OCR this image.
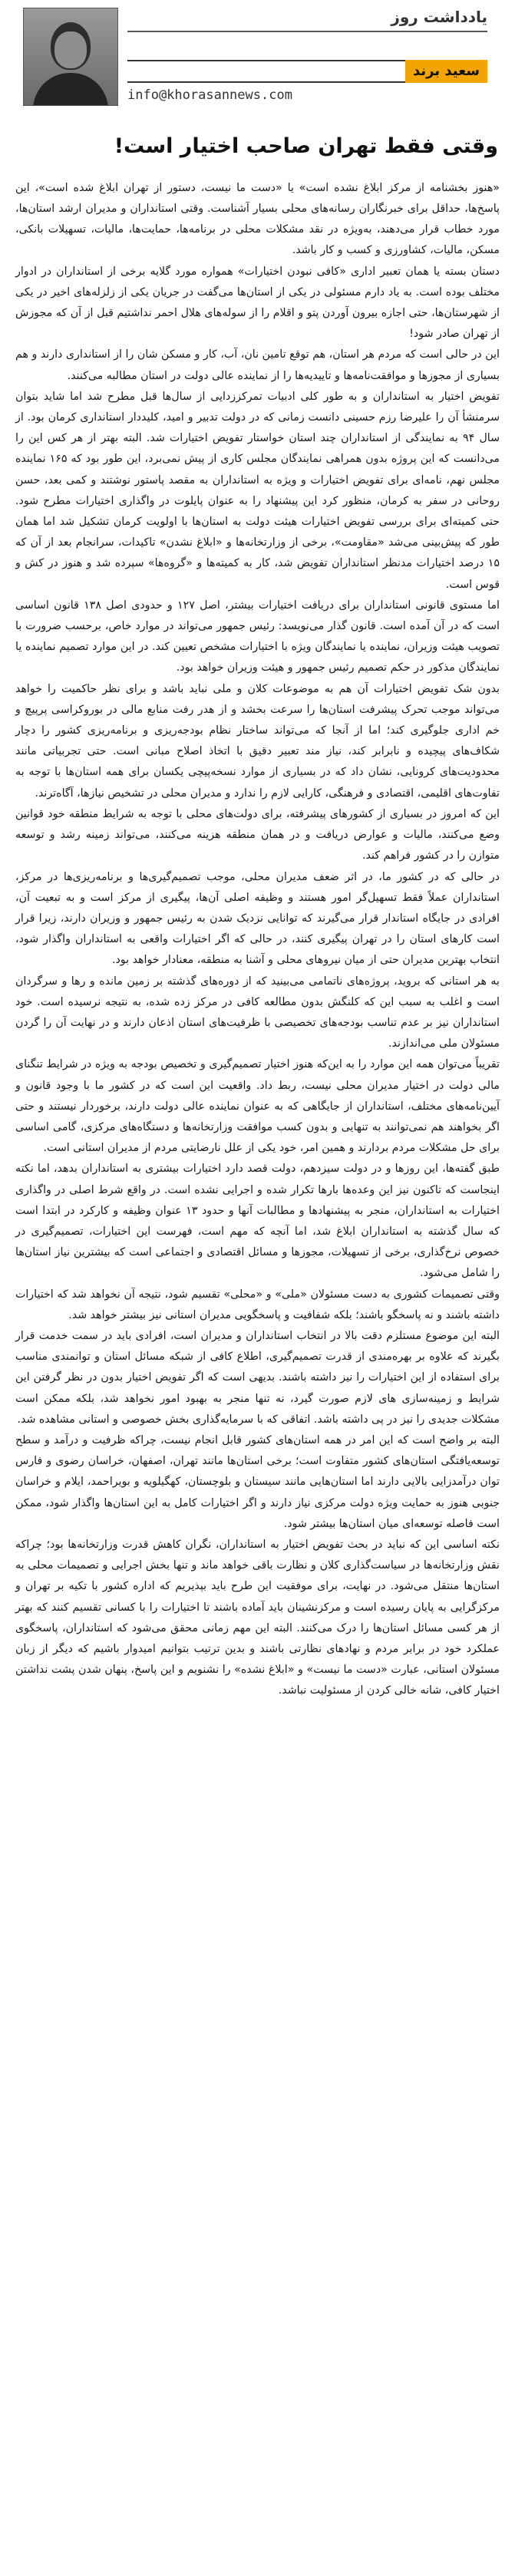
یادداشت روز
سعید برند
info@khorasannews.com
وقتی فقط تهران صاحب اختیار است!

«هنوز بخشنامه از مرکز ابلاغ نشده است» یا «دست ما نیست، دستور از تهران ابلاغ شده است»، این پاسخ‌ها، حداقل برای خبرنگاران رسانه‌های محلی بسیار آشناست. وقتی استانداران و مدیران ارشد استان‌ها، مورد خطاب قرار می‌دهند، به‌ویژه در نقد مشکلات محلی در برنامه‌ها، حمایت‌ها، مالیات، تسهیلات بانکی، مسکن، مالیات، کشاورزی و کسب و کار باشد.

دستان بسته یا همان تعبیر اداری «کافی نبودن اختیارات» همواره مورد گلایه برخی از استانداران در ادوار مختلف بوده است. به یاد دارم مسئولی در یکی از استان‌ها می‌گفت در جریان یکی از زلزله‌های اخیر در یکی از شهرستان‌ها، حتی اجازه بیرون آوردن پتو و اقلام را از سوله‌های هلال احمر نداشتیم قبل از آن که مجوزش از تهران صادر شود!

این در حالی است که مردم هر استان، هم توقع تامین نان، آب، کار و مسکن شان را از استانداری دارند و هم بسیاری از مجوزها و موافقت‌نامه‌ها و تاییدیه‌ها را از نماینده عالی دولت در استان مطالبه می‌کنند.

تفویض اختیار به استانداران و به طور کلی ادبیات تمرکززدایی از سال‌ها قبل مطرح شد اما شاید بتوان سرمنشأ آن را علیرضا رزم حسینی دانست زمانی که در دولت تدبیر و امید، کلیددار استانداری کرمان بود. از سال ۹۴ به نمایندگی از استانداران چند استان خواستار تفویض اختیارات شد. البته بهتر از هر کس این را می‌دانست که این پروژه بدون همراهی نمایندگان مجلس کاری از پیش نمی‌برد، این طور بود که ۱۶۵ نماینده مجلس نهم، نامه‌ای برای تفویض اختیارات و ویژه به استانداران به مقصد پاستور نوشتند و کمی بعد، حسن روحانی در سفر به کرمان، منظور کرد این پیشنهاد را به عنوان پایلوت در واگذاری اختیارات مطرح شود. حتی کمیته‌ای برای بررسی تفویض اختیارات هیئت دولت به استان‌ها با اولویت کرمان تشکیل شد اما همان طور که پیش‌بینی می‌شد «مقاومت»، برخی از وزارتخانه‌ها و «ابلاغ نشدن» تاکیدات، سرانجام بعد از آن که ۱۵ درصد اختیارات مدنظر استانداران تفویض شد، کار به کمیته‌ها و «گروه‌ها» سپرده شد و هنوز در کش و قوس است.

اما مستوی قانونی استانداران برای دریافت اختیارات بیشتر، اصل ۱۲۷ و حدودی اصل ۱۳۸ قانون اساسی است که در آن آمده است. قانون گذار می‌نویسد: رئیس جمهور می‌تواند در موارد خاص، برحسب ضرورت با تصویب هیئت وزیران، نماینده یا نمایندگان ویژه با اختیارات مشخص تعیین کند. در این موارد تصمیم نماینده یا نمایندگان مذکور در حکم تصمیم رئیس جمهور و هیئت وزیران خواهد بود.

بدون شک تفویض اختیارات آن هم به موضوعات کلان و ملی نباید باشد و برای نظر حاکمیت را خواهد می‌تواند موجب تحرک پیشرفت استان‌ها را سرعت بخشد و از هدر رفت منابع مالی در بوروکراسی پرپیچ و خم اداری جلوگیری کند؛ اما از آنجا که می‌تواند ساختار نظام بودجه‌ریزی و برنامه‌ریزی کشور را دچار شکاف‌های پیچیده و نابرابر کند، نیاز مند تعبیر دقیق با اتخاذ اصلاح مبانی است. حتی تجربیاتی مانند محدودیت‌های کرونایی، نشان داد که در بسیاری از موارد نسخه‌پیچی یکسان برای همه استان‌ها با توجه به تفاوت‌های اقلیمی، اقتصادی و فرهنگی، کارایی لازم را ندارد و مدیران محلی در تشخیص نیازها، آگاه‌ترند.

این که امروز در بسیاری از کشورهای پیشرفته، برای دولت‌های محلی با توجه به شرایط منطقه خود قوانین وضع می‌کنند، مالیات و عوارض دریافت و در همان منطقه هزینه می‌کنند، می‌تواند زمینه رشد و توسعه متوازن را در کشور فراهم کند.

در حالی که در کشور ما، در اثر ضعف مدیران محلی، موجب تصمیم‌گیری‌ها و برنامه‌ریزی‌ها در مرکز، استانداران عملاً فقط تسهیل‌گر امور هستند و وظیفه اصلی آن‌ها، پیگیری از مرکز است و به تبعیت آن، افرادی در جایگاه استاندار قرار می‌گیرند که توانایی نزدیک شدن به رئیس جمهور و وزیران دارند، زیرا قرار است کارهای استان را در تهران پیگیری کنند، در حالی که اگر اختیارات واقعی به استانداران واگذار شود، انتخاب بهترین مدیران حتی از میان نیروهای محلی و آشنا به منطقه، معنادار خواهد بود.

به هر استانی که بروید، پروژه‌های ناتمامی می‌بینید که از دوره‌های گذشته بر زمین مانده و رها و سرگردان است و اغلب به سبب این که کلنگش بدون مطالعه کافی در مرکز زده شده، به نتیجه نرسیده است. خود استانداران نیز بر عدم تناسب بودجه‌های تخصیصی با ظرفیت‌های استان اذعان دارند و در نهایت آن را گردن مسئولان ملی می‌اندازند.

تقریباً می‌توان همه این موارد را به این‌که هنوز اختیار تصمیم‌گیری و تخصیص بودجه به ویژه در شرایط تنگنای مالی دولت در اختیار مدیران محلی نیست، ربط داد. واقعیت این است که در کشور ما با وجود قانون و آیین‌نامه‌های مختلف، استانداران از جایگاهی که به عنوان نماینده عالی دولت دارند، برخوردار نیستند و حتی اگر بخواهند هم نمی‌توانند به تنهایی و بدون کسب موافقت وزارتخانه‌ها و دستگاه‌های مرکزی، گامی اساسی برای حل مشکلات مردم بردارند و همین امر، خود یکی از علل نارضایتی مردم از مدیران استانی است.

طبق گفته‌ها، این روزها و در دولت سیزدهم، دولت قصد دارد اختیارات بیشتری به استانداران بدهد، اما نکته اینجاست که تاکنون نیز این وعده‌ها بارها تکرار شده و اجرایی نشده است. در واقع شرط اصلی در واگذاری اختیارات به استانداران، منجر به پیشنهادها و مطالبات آنها و حدود ۱۳ عنوان وظیفه و کارکرد در ابتدا است که سال گذشته به استانداران ابلاغ شد، اما آنچه که مهم است، فهرست این اختیارات، تصمیم‌گیری در خصوص نرخ‌گذاری، برخی از تسهیلات، مجوزها و مسائل اقتصادی و اجتماعی است که بیشترین نیاز استان‌ها را شامل می‌شود.

وقتی تصمیمات کشوری به دست مسئولان «ملی» و «محلی» تقسیم شود، نتیجه آن نخواهد شد که اختیارات داشته باشند و نه پاسخگو باشند؛ بلکه شفافیت و پاسخگویی مدیران استانی نیز بیشتر خواهد شد.

البته این موضوع مستلزم دقت بالا در انتخاب استانداران و مدیران است، افرادی باید در سمت خدمت قرار بگیرند که علاوه بر بهره‌مندی از قدرت تصمیم‌گیری، اطلاع کافی از شبکه مسائل استان و توانمندی مناسب برای استفاده از این اختیارات را نیز داشته باشند. بدیهی است که اگر تفویض اختیار بدون در نظر گرفتن این شرایط و زمینه‌سازی های لازم صورت گیرد، نه تنها منجر به بهبود امور نخواهد شد، بلکه ممکن است مشکلات جدیدی را نیز در پی داشته باشد. اتفاقی که با سرمایه‌گذاری بخش خصوصی و استانی مشاهده شد.

البته بر واضح است که این امر در همه استان‌های کشور قابل انجام نیست، چراکه ظرفیت و درآمد و سطح توسعه‌یافتگی استان‌های کشور متفاوت است؛ برخی استان‌ها مانند تهران، اصفهان، خراسان رضوی و فارس توان درآمدزایی بالایی دارند اما استان‌هایی مانند سیستان و بلوچستان، کهگیلویه و بویراحمد، ایلام و خراسان جنوبی هنوز به حمایت ویژه دولت مرکزی نیاز دارند و اگر اختیارات کامل به این استان‌ها واگذار شود، ممکن است فاصله توسعه‌ای میان استان‌ها بیشتر شود.

نکته اساسی این که نباید در بحث تفویض اختیار به استانداران، نگران کاهش قدرت وزارتخانه‌ها بود؛ چراکه نقش وزارتخانه‌ها در سیاست‌گذاری کلان و نظارت باقی خواهد ماند و تنها بخش اجرایی و تصمیمات محلی به استان‌ها منتقل می‌شود. در نهایت، برای موفقیت این طرح باید بپذیریم که اداره کشور با تکیه بر تهران و مرکزگرایی به پایان رسیده است و مرکزنشینان باید آماده باشند تا اختیارات را با کسانی تقسیم کنند که بهتر از هر کسی مسائل استان‌ها را درک می‌کنند. البته این مهم زمانی محقق می‌شود که استانداران، پاسخگوی عملکرد خود در برابر مردم و نهادهای نظارتی باشند و بدین ترتیب بتوانیم امیدوار باشیم که دیگر از زبان مسئولان استانی، عبارت «دست ما نیست» و «ابلاغ نشده» را نشنویم و این پاسخ، پنهان شدن پشت نداشتن اختیار کافی، شانه خالی کردن از مسئولیت نباشد.
